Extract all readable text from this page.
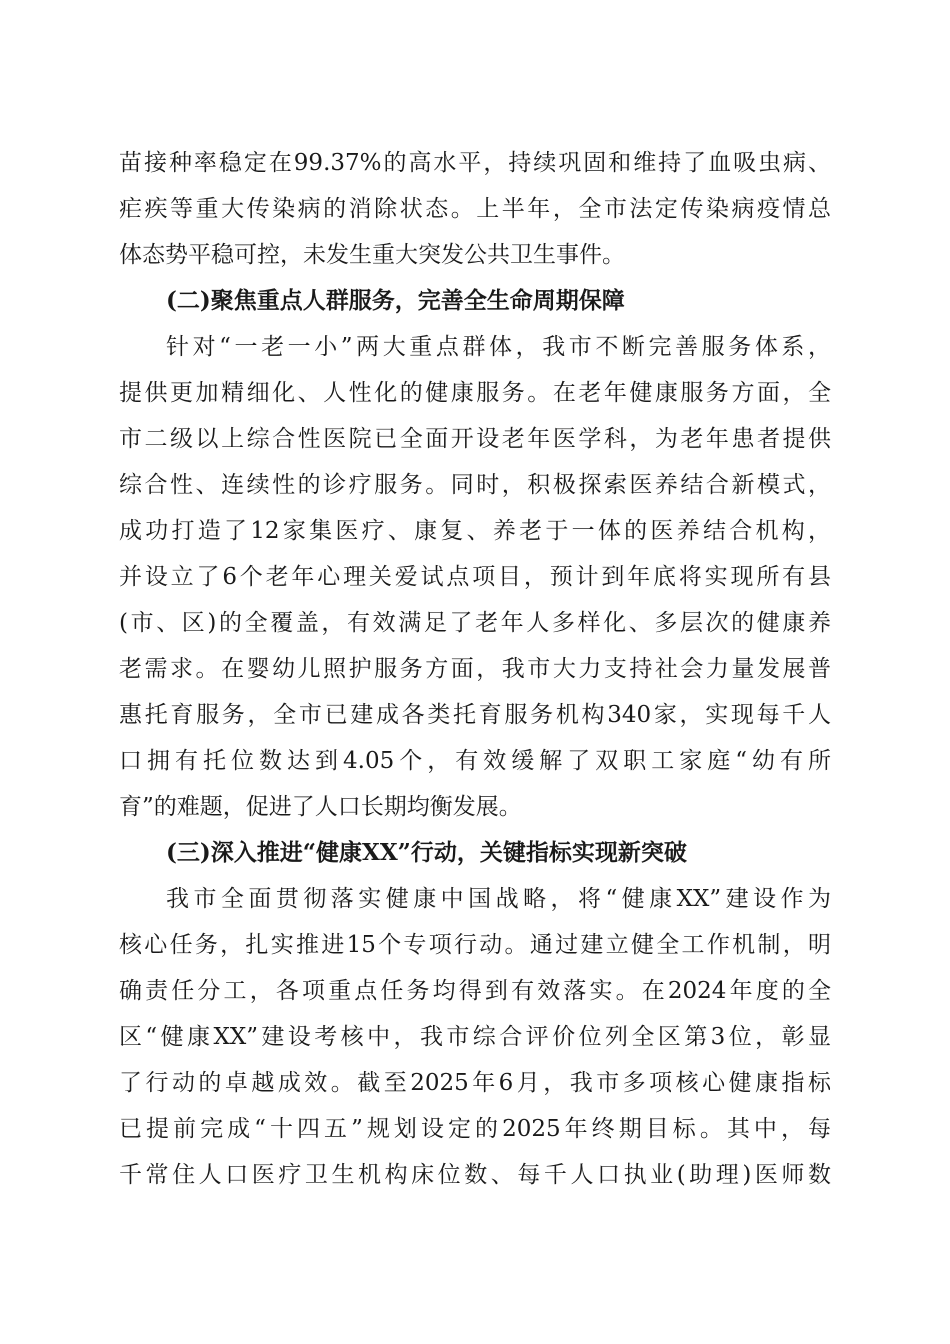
苗接种率稳定在99.37%的高水平，持续巩固和维持了血吸虫病、
疟疾等重大传染病的消除状态。上半年，全市法定传染病疫情总
体态势平稳可控，未发生重大突发公共卫生事件。
(二)聚焦重点人群服务，完善全生命周期保障
针对“一老一小”两大重点群体，我市不断完善服务体系，
提供更加精细化、人性化的健康服务。在老年健康服务方面，全
市二级以上综合性医院已全面开设老年医学科，为老年患者提供
综合性、连续性的诊疗服务。同时，积极探索医养结合新模式，
成功打造了12家集医疗、康复、养老于一体的医养结合机构，
并设立了6个老年心理关爱试点项目，预计到年底将实现所有县
(市、区)的全覆盖，有效满足了老年人多样化、多层次的健康养
老需求。在婴幼儿照护服务方面，我市大力支持社会力量发展普
惠托育服务，全市已建成各类托育服务机构340家，实现每千人
口拥有托位数达到4.05个，有效缓解了双职工家庭“幼有所
育”的难题，促进了人口长期均衡发展。
(三)深入推进“健康XX”行动，关键指标实现新突破
我市全面贯彻落实健康中国战略，将“健康XX”建设作为
核心任务，扎实推进15个专项行动。通过建立健全工作机制，明
确责任分工，各项重点任务均得到有效落实。在2024年度的全
区“健康XX”建设考核中，我市综合评价位列全区第3位，彰显
了行动的卓越成效。截至2025年6月，我市多项核心健康指标
已提前完成“十四五”规划设定的2025年终期目标。其中，每
千常住人口医疗卫生机构床位数、每千人口执业(助理)医师数
